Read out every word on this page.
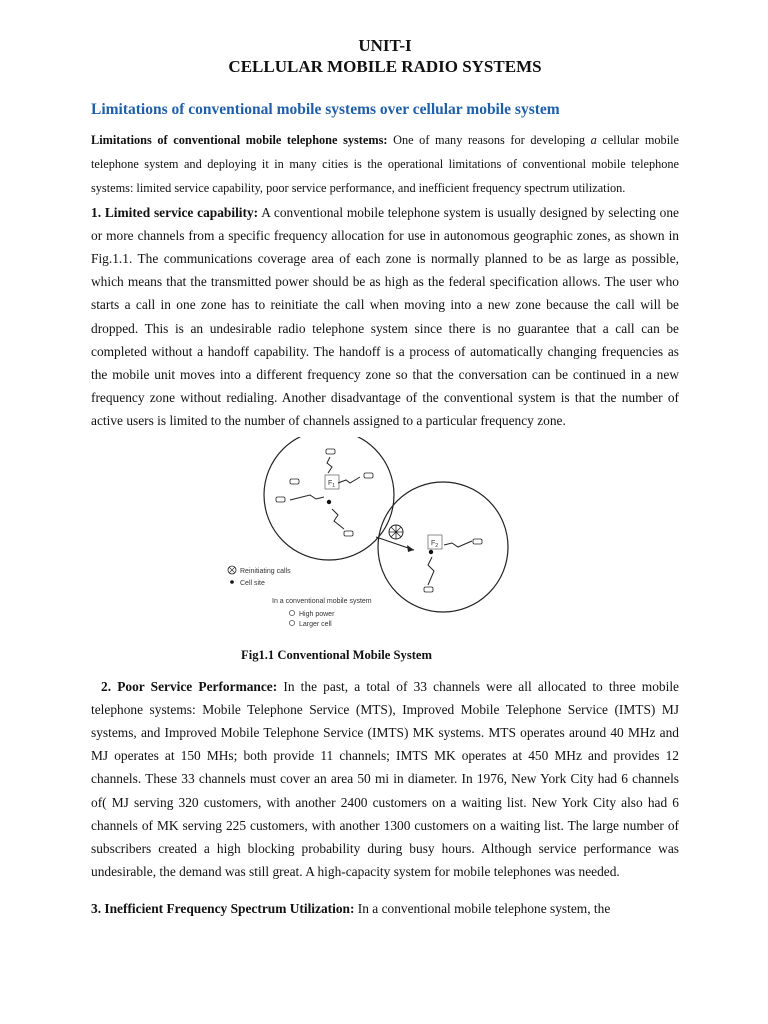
UNIT-I

CELLULAR MOBILE RADIO SYSTEMS

Limitations of conventional mobile systems over cellular mobile system

Limitations of conventional mobile telephone systems: One of many reasons for developing a cellular mobile telephone system and deploying it in many cities is the operational limitations of conventional mobile telephone systems: limited service capability, poor service performance, and inefficient frequency spectrum utilization.

1. Limited service capability: A conventional mobile telephone system is usually designed by selecting one or more channels from a specific frequency allocation for use in autonomous geographic zones, as shown in Fig.1.1. The communications coverage area of each zone is normally planned to be as large as possible, which means that the transmitted power should be as high as the federal specification allows. The user who starts a call in one zone has to reinitiate the call when moving into a new zone because the call will be dropped. This is an undesirable radio telephone system since there is no guarantee that a call can be completed without a handoff capability. The handoff is a process of automatically changing frequencies as the mobile unit moves into a different frequency zone so that the conversation can be continued in a new frequency zone without redialing. Another disadvantage of the conventional system is that the number of active users is limited to the number of channels assigned to a particular frequency zone.

$F_1$
$F_2$
Reinitiating calls
Cell site
In a conventional mobile system
High power
Larger cell
Fig1.1 Conventional Mobile System

2. Poor Service Performance: In the past, a total of 33 channels were all allocated to three mobile telephone systems: Mobile Telephone Service (MTS), Improved Mobile Telephone Service (IMTS) MJ systems, and Improved Mobile Telephone Service (IMTS) MK systems. MTS operates around 40 MHz and MJ operates at 150 MHs; both provide 11 channels; IMTS MK operates at 450 MHz and provides 12 channels. These 33 channels must cover an area 50 mi in diameter. In 1976, New York City had 6 channels of( MJ serving 320 customers, with another 2400 customers on a waiting list. New York City also had 6 channels of MK serving 225 customers, with another 1300 customers on a waiting list. The large number of subscribers created a high blocking probability during busy hours. Although service performance was undesirable, the demand was still great. A high-capacity system for mobile telephones was needed.

3. Inefficient Frequency Spectrum Utilization: In a conventional mobile telephone system, the
